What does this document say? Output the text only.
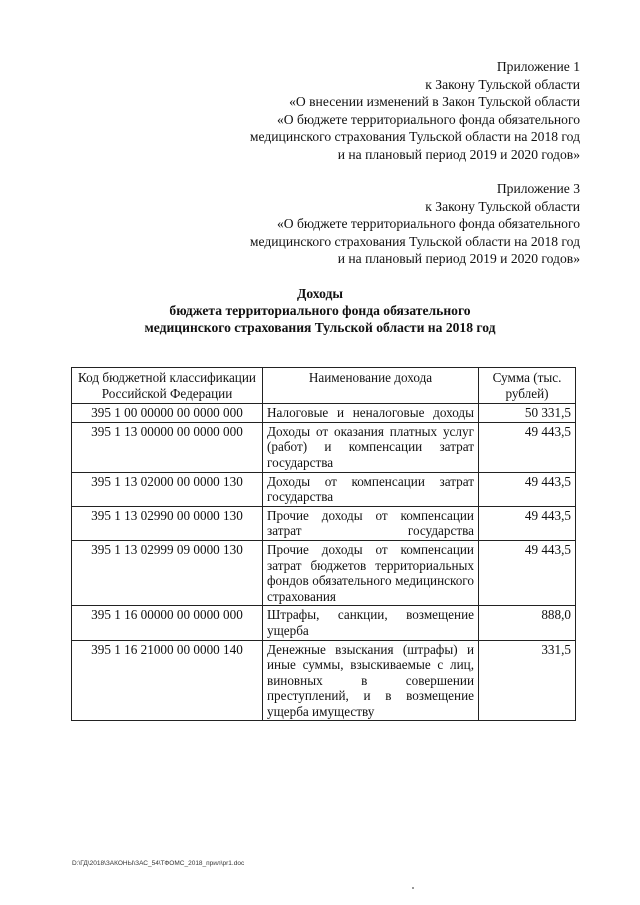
Приложение 1
к Закону Тульской области
«О внесении изменений в Закон Тульской области
«О бюджете территориального фонда обязательного
медицинского страхования Тульской области на 2018 год
и на плановый период 2019 и 2020 годов»
Приложение 3
к Закону Тульской области
«О бюджете территориального фонда обязательного
медицинского страхования Тульской области на 2018 год
и на плановый период 2019 и 2020 годов»
Доходы
бюджета территориального фонда обязательного
медицинского страхования Тульской области на 2018 год
Код бюджетной классификации Российской Федерации	Наименование дохода	Сумма (тыс. рублей)
395 1 00 00000 00 0000 000	Налоговые и неналоговые доходы	50 331,5
395 1 13 00000 00 0000 000	Доходы от оказания платных услуг (работ) и компенсации затрат государства	49 443,5
395 1 13 02000 00 0000 130	Доходы от компенсации затрат государства	49 443,5
395 1 13 02990 00 0000 130	Прочие доходы от компенсации затрат государства	49 443,5
395 1 13 02999 09 0000 130	Прочие доходы от компенсации затрат бюджетов территориальных фондов обязательного медицинского страхования	49 443,5
395 1 16 00000 00 0000 000	Штрафы, санкции, возмещение ущерба	888,0
395 1 16 21000 00 0000 140	Денежные взыскания (штрафы) и иные суммы, взыскиваемые с лиц, виновных в совершении преступлений, и в возмещение ущерба имуществу	331,5
D:\ГД\2018\ЗАКОНЫ\ЗАС_54\ТФОМС_2018_прил\pr1.doc
